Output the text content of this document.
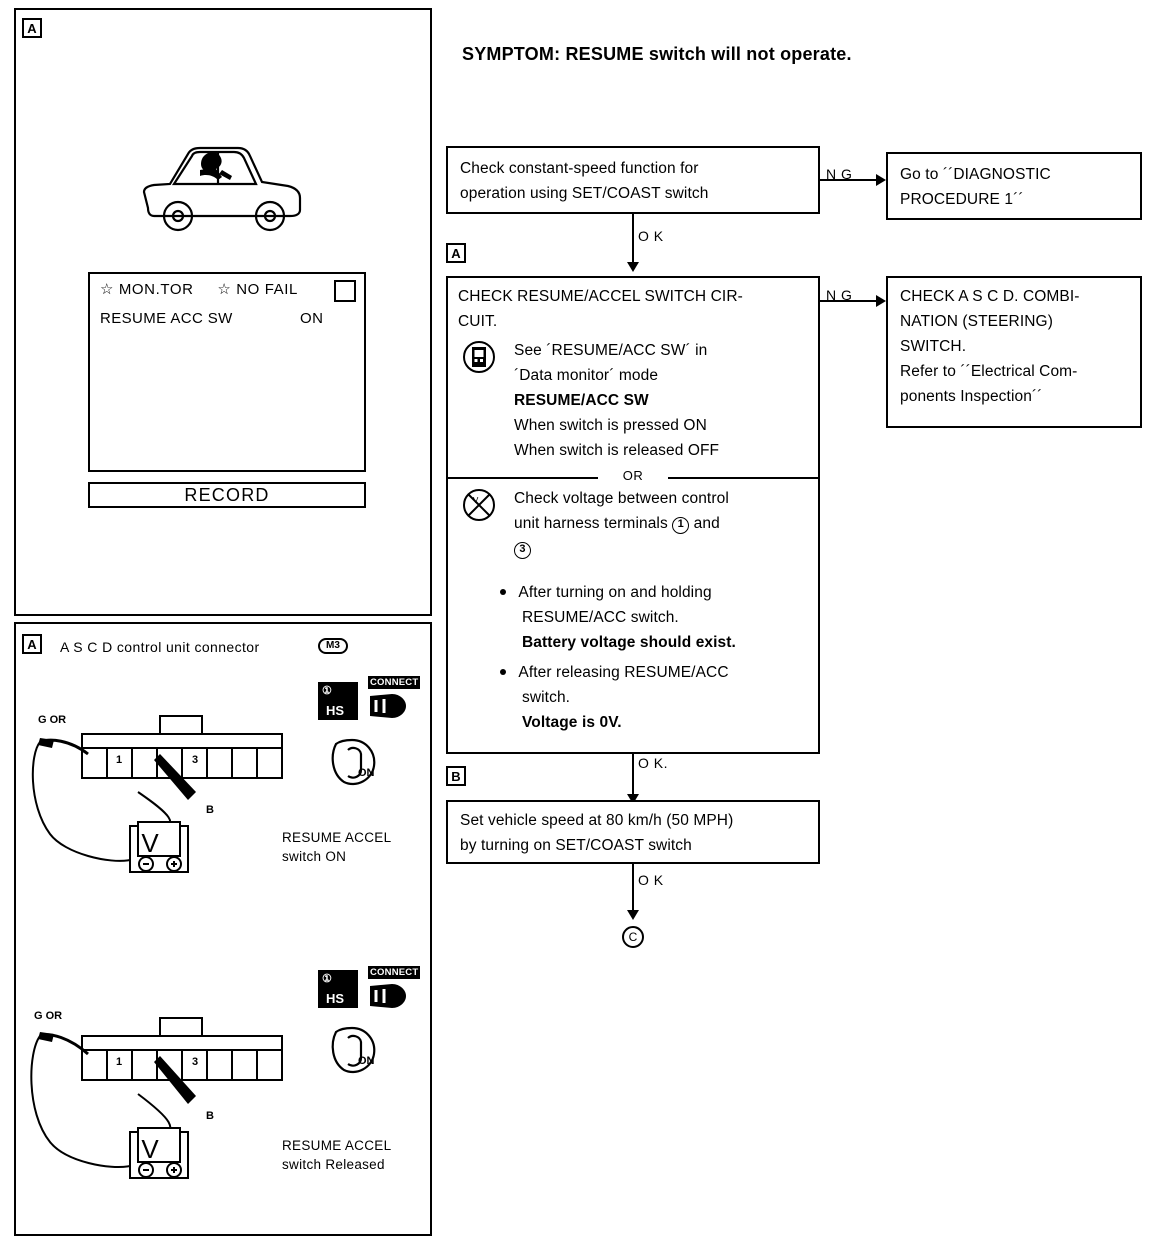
SYMPTOM: RESUME switch will not operate.
A
☆ MON.TOR ☆ NO FAIL
RESUME ACC SW	ON
RECORD
A	A S C D control unit connector	M3
V
G OR
1	3
B
①
HS
CONNECT
ON
RESUME ACCEL
switch ON
V
G OR
1	3
B
①
HS
CONNECT
ON
RESUME ACCEL
switch Released
Check constant-speed function for
operation using SET/COAST switch
N G	Go to ´´DIAGNOSTIC
PROCEDURE 1´´
O K
A
CHECK RESUME/ACCEL SWITCH CIR-
CUIT.
See ´RESUME/ACC SW´ in
´Data monitor´ mode
RESUME/ACC SW
When switch is pressed ON
When switch is released OFF
OR
V Check voltage between control
unit harness terminals 1 and
3
After turning on and holding
RESUME/ACC switch.
Battery voltage should exist.
After releasing RESUME/ACC
switch.
Voltage is 0V.
N G	CHECK A S C D. COMBI-
NATION (STEERING)
SWITCH.
Refer to ´´Electrical Com-
ponents Inspection´´
O K.
B
Set vehicle speed at 80 km/h (50 MPH)
by turning on SET/COAST switch
O K
C
